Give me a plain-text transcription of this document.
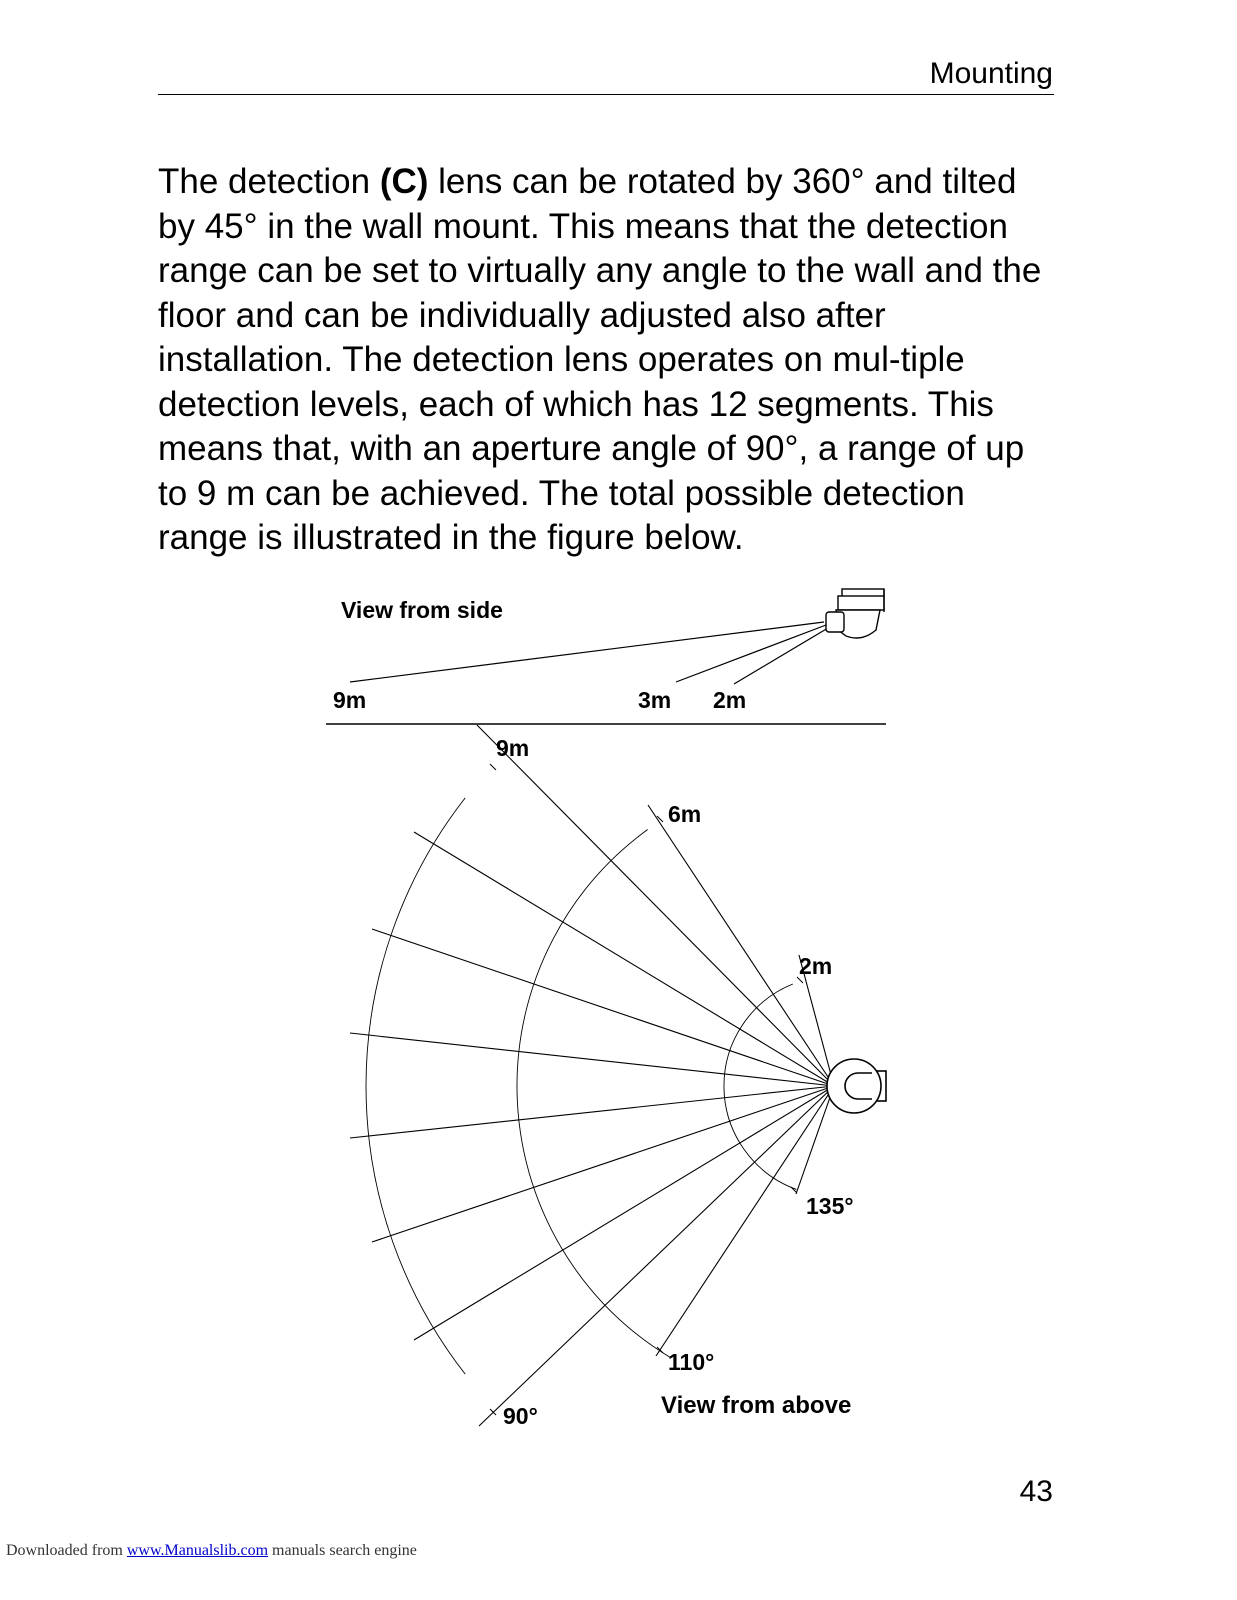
Mounting

The detection (C) lens can be rotated by 360° and tilted by 45° in the wall mount. This means that the detection range can be set to virtually any angle to the wall and the floor and can be individually adjusted also after installation. The detection lens operates on mul-tiple detection levels, each of which has 12 segments. This means that, with an aperture angle of 90°, a range of up to 9 m can be achieved. The total possible detection range is illustrated in the figure below.

View from side
9m	3m 2m
9m
6m
2m
135°
110°
90°	View from above
43
Downloaded from www.Manualslib.com manuals search engine
